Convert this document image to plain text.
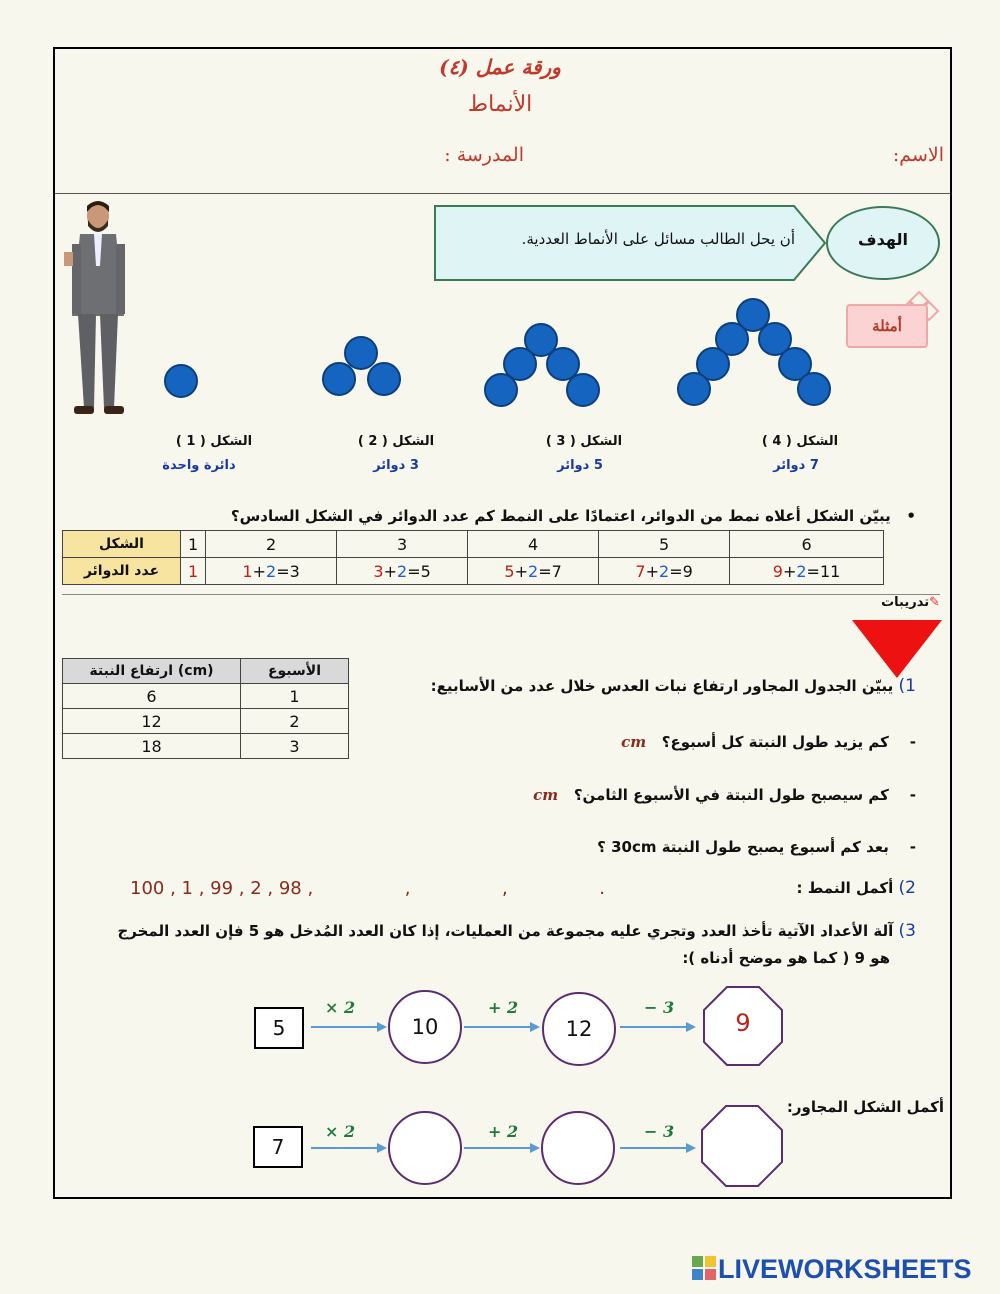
ورقة عمل (٤)
الأنماط
الاسم:
المدرسة :
أن يحل الطالب مسائل على الأنماط العددية.	الهدف
أمثلة
الشكل ( 1 )
دائرة واحدة
الشكل ( 2 )
3 دوائر
الشكل ( 3 )
5 دوائر
الشكل ( 4 )
7 دوائر
•   يبيّن الشكل أعلاه نمط من الدوائر، اعتمادًا على النمط كم عدد الدوائر في الشكل السادس؟
الشكل	1	2	3	4	5	6
عدد الدوائر	1	1+2=3	3+2=5	5+2=7	7+2=9	9+2=11
✎تدريبات
ارتفاع النبتة (cm)	الأسبوع
6	1
12	2
18	3
1) يبيّن الجدول المجاور ارتفاع نبات العدس خلال عدد من الأسابيع:
-    كم يزيد طول النبتة كل أسبوع؟   cm
-    كم سيصبح طول النبتة في الأسبوع الثامن؟   cm
-    بعد كم أسبوع يصبح طول النبتة 30cm ؟
2) أكمل النمط :
100 , 1 , 99 , 2 , 98 ,                ,                ,                .
3) آلة الأعداد الآتية تأخذ العدد وتجري عليه مجموعة من العمليات، إذا كان العدد المُدخل هو 5 فإن العدد المخرج
هو 9 ( كما هو موضح أدناه ):
5
× 2
10
+ 2
12
− 3
9
أكمل الشكل المجاور:
7
× 2	+ 2	− 3
LIVEWORKSHEETS
